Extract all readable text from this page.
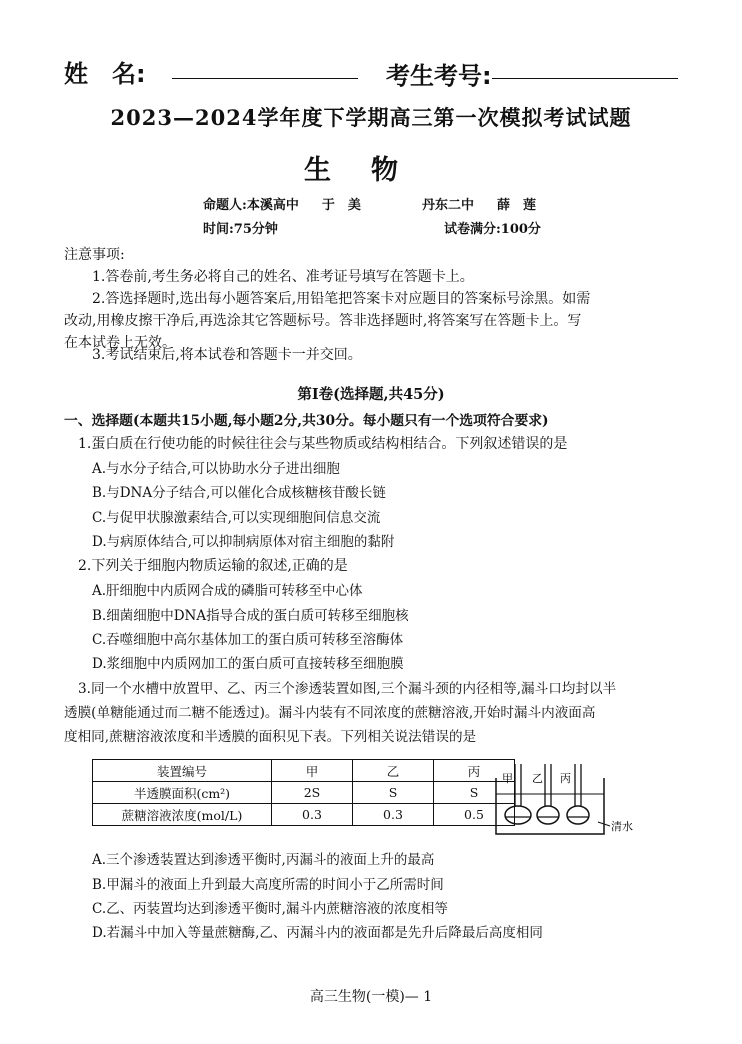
姓　名:	考生考号:
2023—2024学年度下学期高三第一次模拟考试试题
生物
命题人:本溪高中 于　美	丹东二中 薛　莲
时间:75分钟	试卷满分:100分
注意事项:
1.答卷前,考生务必将自己的姓名、准考证号填写在答题卡上。
2.答选择题时,选出每小题答案后,用铅笔把答案卡对应题目的答案标号涂黑。如需
改动,用橡皮擦干净后,再选涂其它答题标号。答非选择题时,将答案写在答题卡上。写
在本试卷上无效。
3.考试结束后,将本试卷和答题卡一并交回。
第Ⅰ卷(选择题,共45分)
一、选择题(本题共15小题,每小题2分,共30分。每小题只有一个选项符合要求)
1.蛋白质在行使功能的时候往往会与某些物质或结构相结合。下列叙述错误的是
A.与水分子结合,可以协助水分子进出细胞
B.与DNA分子结合,可以催化合成核糖核苷酸长链
C.与促甲状腺激素结合,可以实现细胞间信息交流
D.与病原体结合,可以抑制病原体对宿主细胞的黏附
2.下列关于细胞内物质运输的叙述,正确的是
A.肝细胞中内质网合成的磷脂可转移至中心体
B.细菌细胞中DNA指导合成的蛋白质可转移至细胞核
C.吞噬细胞中高尔基体加工的蛋白质可转移至溶酶体
D.浆细胞中内质网加工的蛋白质可直接转移至细胞膜
3.同一个水槽中放置甲、乙、丙三个渗透装置如图,三个漏斗颈的内径相等,漏斗口均封以半
透膜(单糖能通过而二糖不能透过)。漏斗内装有不同浓度的蔗糖溶液,开始时漏斗内液面高
度相同,蔗糖溶液浓度和半透膜的面积见下表。下列相关说法错误的是
装置编号	甲	乙	丙
半透膜面积(cm²)	2S	S	S
蔗糖溶液浓度(mol/L)	0.3	0.3	0.5
甲 乙 丙
清水
A.三个渗透装置达到渗透平衡时,丙漏斗的液面上升的最高
B.甲漏斗的液面上升到最大高度所需的时间小于乙所需时间
C.乙、丙装置均达到渗透平衡时,漏斗内蔗糖溶液的浓度相等
D.若漏斗中加入等量蔗糖酶,乙、丙漏斗内的液面都是先升后降最后高度相同
高三生物(一模)— 1
